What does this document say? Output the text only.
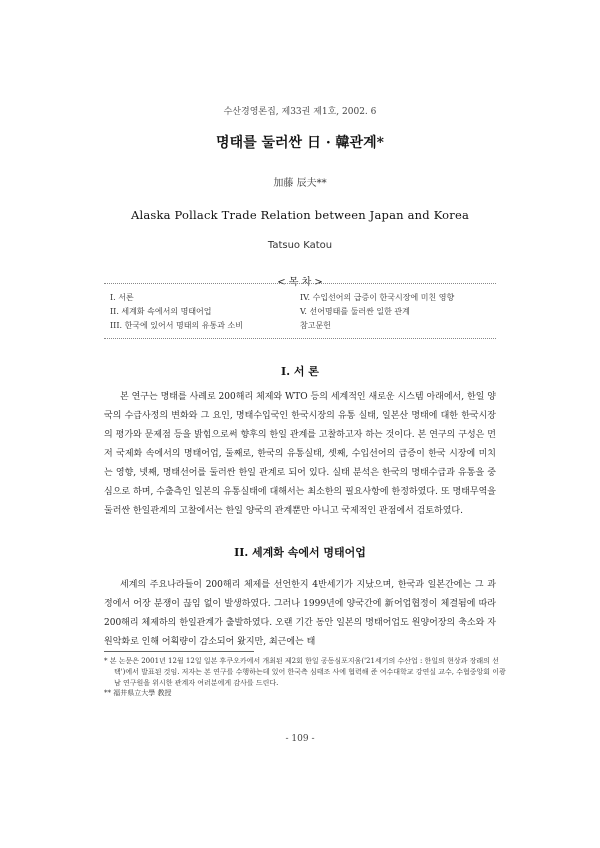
수산경영론집, 제33권 제1호, 2002. 6
명태를 둘러싼 日 · 韓관계*
加藤 辰夫**
Alaska Pollack Trade Relation between Japan and Korea
Tatsuo Katou
< 목 차 >
I. 서론
II. 세계화 속에서의 명태어업
III. 한국에 있어서 명태의 유통과 소비
IV. 수입선어의 급증이 한국시장에 미친 영향
V. 선어명태를 둘러싼 일한 관계
참고문헌
I. 서 론
본 연구는 명태를 사례로 200해리 체제와 WTO 등의 세계적인 새로운 시스템 아래에서, 한일 양국의 수급사정의 변화와 그 요인, 명태수입국인 한국시장의 유통 실태, 일본산 명태에 대한 한국시장의 평가와 문제점 등을 밝힘으로써 향후의 한일 관계를 고찰하고자 하는 것이다. 본 연구의 구성은 먼저 국제화 속에서의 명태어업, 둘째로, 한국의 유통실태, 셋째, 수입선어의 급증이 한국 시장에 미치는 영향, 넷째, 명태선어를 둘러싼 한일 관계로 되어 있다. 실태 분석은 한국의 명태수급과 유통을 중심으로 하며, 수출측인 일본의 유통실태에 대해서는 최소한의 필요사항에 한정하였다. 또 명태무역을 둘러싼 한일관계의 고찰에서는 한일 양국의 관계뿐만 아니고 국제적인 관점에서 검토하였다.
II. 세계화 속에서 명태어업
세계의 주요나라들이 200해리 체제를 선언한지 4반세기가 지났으며, 한국과 일본간에는 그 과정에서 어장 분쟁이 끊임 없이 발생하였다. 그러나 1999년에 양국간에 新어업협정이 체결됨에 따라 200해리 체제하의 한일관계가 출발하였다. 오랜 기간 동안 일본의 명태어업도 원양어장의 축소와 자원악화로 인해 어획량이 감소되어 왔지만, 최근에는 태
* 본 논문은 2001년 12월 12일 일본 후쿠오카에서 개최된 제2회 한일 공동심포지움('21세기의 수산업 : 한일의 현상과 장래의 선택')에서 발표된 것임. 저자는 본 연구를 수행하는데 있어 한국측 심태조 사에 협력해 준 여수대학교 강연실 교수, 수협중앙회 이광남 연구원을 위시한 관계자 여러분에게 감사를 드린다.
** 福井県立大學 教授
- 109 -
